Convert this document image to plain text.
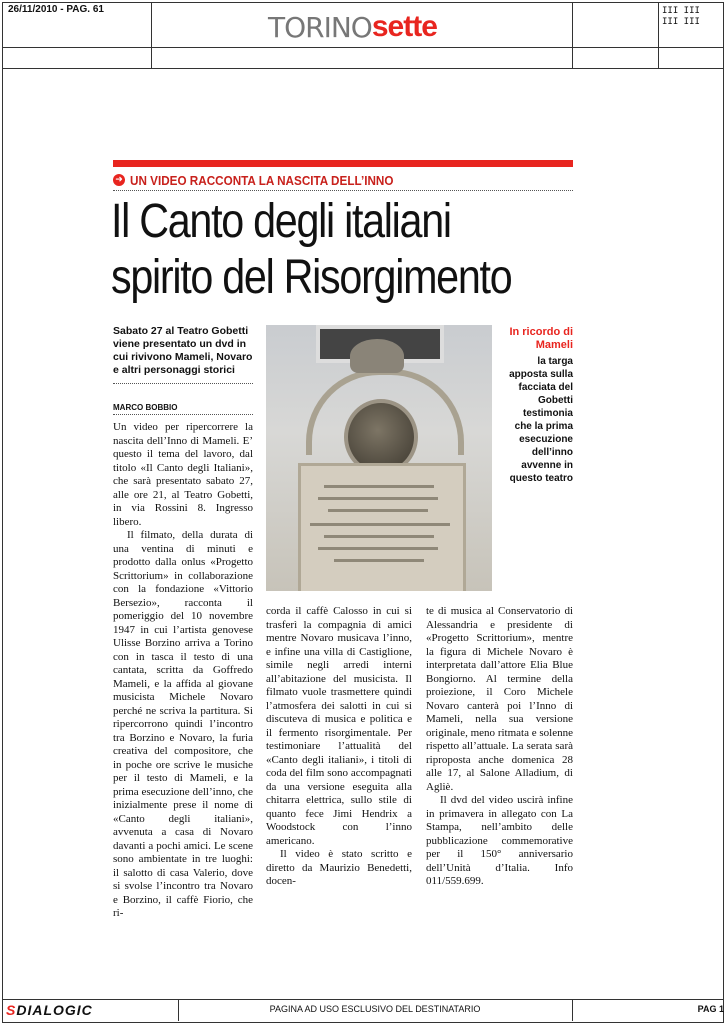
26/11/2010 - PAG. 61
TORINO sette	III III
III III
➜ UN VIDEO RACCONTA LA NASCITA DELL’INNO
Il Canto degli italiani
spirito del Risorgimento
Sabato 27 al Teatro Gobetti viene presentato un dvd in cui rivivono Mameli, Novaro e altri personaggi storici
MARCO BOBBIO

Un video per ripercorrere la nascita dell’Inno di Mameli. E’ questo il tema del lavoro, dal titolo «Il Canto degli Italiani», che sarà presentato sabato 27, alle ore 21, al Teatro Gobetti, in via Rossini 8. Ingresso libero.

Il filmato, della durata di una ventina di minuti e prodotto dalla onlus «Progetto Scrittorium» in collaborazione con la fondazione «Vittorio Bersezio», racconta il pomeriggio del 10 novembre 1947 in cui l’artista genovese Ulisse Borzino arriva a Torino con in tasca il testo di una cantata, scritta da Goffredo Mameli, e la affida al giovane musicista Michele Novaro perché ne scriva la partitura. Si ripercorrono quindi l’incontro tra Borzino e Novaro, la furia creativa del compositore, che in poche ore scrive le musiche per il testo di Mameli, e la prima esecuzione dell’inno, che inizialmente prese il nome di «Canto degli italiani», avvenuta a casa di Novaro davanti a pochi amici. Le scene sono ambientate in tre luoghi: il salotto di casa Valerio, dove si svolse l’incontro tra Novaro e Borzino, il caffè Fiorio, che ri-

In ricordo di Mameli
la targa apposta sulla facciata del Gobetti testimonia che la prima esecuzione dell’inno avvenne in questo teatro

corda il caffè Calosso in cui si trasferì la compagnia di amici mentre Novaro musicava l’inno, e infine una villa di Castiglione, simile negli arredi interni all’abitazione del musicista. Il filmato vuole trasmettere quindi l’atmosfera dei salotti in cui si discuteva di musica e politica e il fermento risorgimentale. Per testimoniare l’attualità del «Canto degli italiani», i titoli di coda del film sono accompagnati da una versione eseguita alla chitarra elettrica, sullo stile di quanto fece Jimi Hendrix a Woodstock con l’inno americano.

Il video è stato scritto e diretto da Maurizio Benedetti, docen-

te di musica al Conservatorio di Alessandria e presidente di «Progetto Scrittorium», mentre la figura di Michele Novaro è interpretata dall’attore Elia Blue Bongiorno. Al termine della proiezione, il Coro Michele Novaro canterà poi l’Inno di Mameli, nella sua versione originale, meno ritmata e solenne rispetto all’attuale. La serata sarà riproposta anche domenica 28 alle 17, al Salone Alladium, di Agliè.

Il dvd del video uscirà infine in primavera in allegato con La Stampa, nell’ambito delle pubblicazione commemorative per il 150° anniversario dell’Unità d’Italia. Info 011/559.699.

SDIALOGIC	PAGINA AD USO ESCLUSIVO DEL DESTINATARIO	PAG 1
